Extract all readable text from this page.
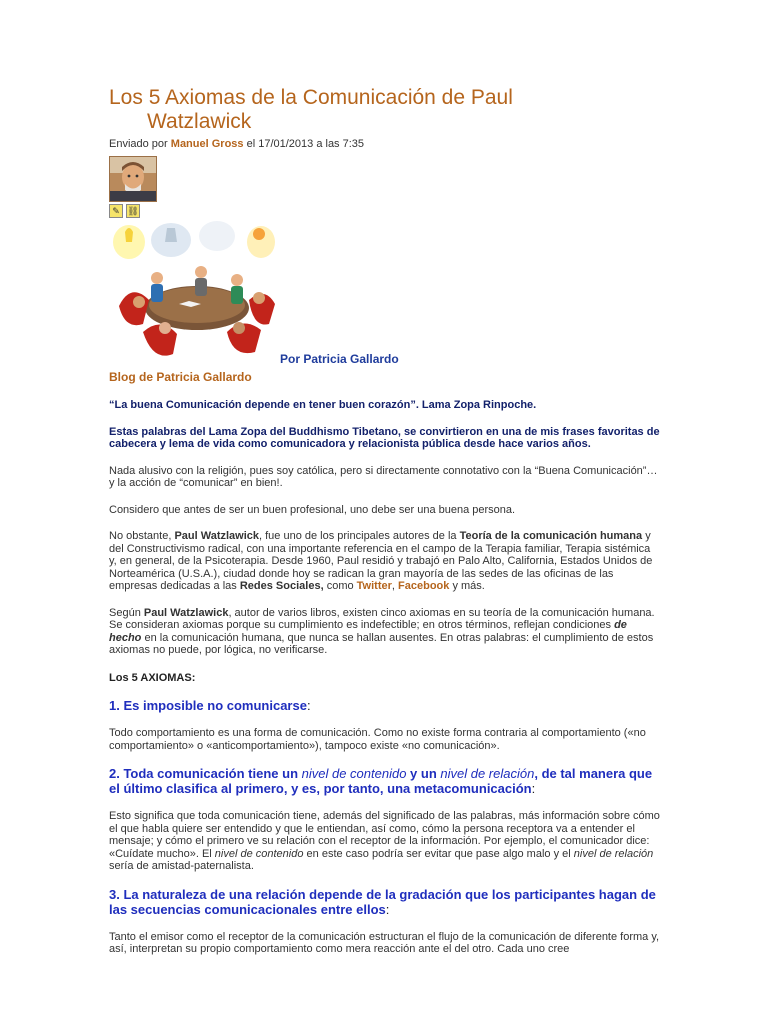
Los 5 Axiomas de la Comunicación de Paul
Watzlawick
Enviado por Manuel Gross el 17/01/2013 a las 7:35
✎ ⛓
Por Patricia Gallardo
Blog de Patricia Gallardo

“La buena Comunicación depende en tener buen corazón”. Lama Zopa Rinpoche.

Estas palabras del Lama Zopa del Buddhismo Tibetano, se convirtieron en una de mis frases favoritas de cabecera y lema de vida como comunicadora y relacionista pública desde hace varios años.

Nada alusivo con la religión, pues soy católica, pero si directamente connotativo con la “Buena Comunicación”… y la acción de “comunicar” en bien!.

Considero que antes de ser un buen profesional, uno debe ser una buena persona.

No obstante, Paul Watzlawick, fue uno de los principales autores de la Teoría de la comunicación humana y del Constructivismo radical, con una importante referencia en el campo de la Terapia familiar, Terapia sistémica y, en general, de la Psicoterapia. Desde 1960, Paul residió y trabajó en Palo Alto, California, Estados Unidos de Norteamérica (U.S.A.), ciudad donde hoy se radican la gran mayoría de las sedes de las oficinas de las empresas dedicadas a las Redes Sociales, como Twitter, Facebook y más.

Según Paul Watzlawick, autor de varios libros, existen cinco axiomas en su teoría de la comunicación humana. Se consideran axiomas porque su cumplimiento es indefectible; en otros términos, reflejan condiciones de hecho en la comunicación humana, que nunca se hallan ausentes. En otras palabras: el cumplimiento de estos axiomas no puede, por lógica, no verificarse.

Los 5 AXIOMAS:

1. Es imposible no comunicarse:

Todo comportamiento es una forma de comunicación. Como no existe forma contraria al comportamiento («no comportamiento» o «anticomportamiento»), tampoco existe «no comunicación».

2. Toda comunicación tiene un nivel de contenido y un nivel de relación, de tal manera que el último clasifica al primero, y es, por tanto, una metacomunicación:

Esto significa que toda comunicación tiene, además del significado de las palabras, más información sobre cómo el que habla quiere ser entendido y que le entiendan, así como, cómo la persona receptora va a entender el mensaje; y cómo el primero ve su relación con el receptor de la información. Por ejemplo, el comunicador dice: «Cuídate mucho». El nivel de contenido en este caso podría ser evitar que pase algo malo y el nivel de relación sería de amistad-paternalista.

3. La naturaleza de una relación depende de la gradación que los participantes hagan de las secuencias comunicacionales entre ellos:

Tanto el emisor como el receptor de la comunicación estructuran el flujo de la comunicación de diferente forma y, así, interpretan su propio comportamiento como mera reacción ante el del otro. Cada uno cree
